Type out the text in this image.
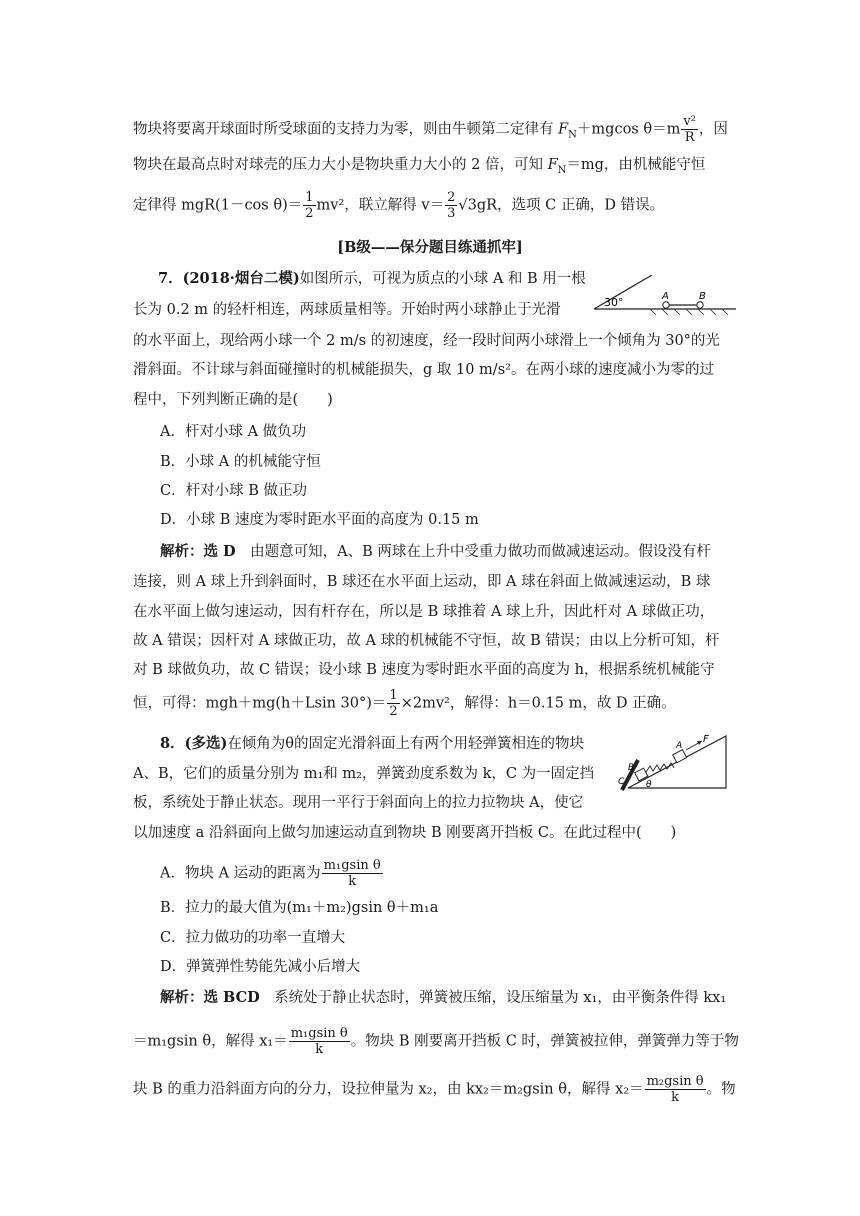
物块将要离开球面时所受球面的支持力为零，则由牛顿第二定律有 $F_N+mgcos$ $\theta=m \frac{\text{v²}}{R}$ ，因
物块在最高点时对球壳的压力大小是物块重力大小的 2 倍，可知 $F_N=mg$，由机械能守恒
定律得 mgR(1－cos $\theta)= \frac{1}{2} mv^2$，联立解得 $v= \frac{2}{3} √3gR$，选项 C 正确，D 错误。
[B级——保分题目练通抓牢]
7．(2018·烟台二模)如图所示，可视为质点的小球 A 和 B 用一根
长为 0.2 m 的轻杆相连，两球质量相等。开始时两小球静止于光滑
的水平面上，现给两小球一个 2 m/s 的初速度，经一段时间两小球滑上一个倾角为 30°的光
滑斜面。不计球与斜面碰撞时的机械能损失，g 取 10 m/s²。在两小球的速度减小为零的过
程中，下列判断正确的是(　　)
30°	A	B
A．杆对小球 A 做负功
B．小球 A 的机械能守恒
C．杆对小球 B 做正功
D．小球 B 速度为零时距水平面的高度为 0.15 m
解析：选 D　由题意可知，A、B 两球在上升中受重力做功而做减速运动。假设没有杆
连接，则 A 球上升到斜面时，B 球还在水平面上运动，即 A 球在斜面上做减速运动，B 球
在水平面上做匀速运动，因有杆存在，所以是 B 球推着 A 球上升，因此杆对 A 球做正功，
故 A 错误；因杆对 A 球做正功，故 A 球的机械能不守恒，故 B 错误；由以上分析可知，杆
对 B 球做负功，故 C 错误；设小球 B 速度为零时距水平面的高度为 h，根据系统机械能守
恒，可得：mgh＋mg(h＋Lsin $30^\circ)= \frac{1}{2} \times 2mv^2$，解得：h＝0.15 m，故 D 正确。
8．(多选)在倾角为θ的固定光滑斜面上有两个用轻弹簧相连的物块
A、B，它们的质量分别为 m₁和 m₂，弹簧劲度系数为 k，C 为一固定挡
板，系统处于静止状态。现用一平行于斜面向上的拉力拉物块 A，使它
以加速度 a 沿斜面向上做匀加速运动直到物块 B 刚要离开挡板 C。在此过程中(　　)
F
A
B
C θ
A．物块 A 运动的距离为 $\frac{\text{m₁gsin θ}}{k}$
B．拉力的最大值为(m₁＋m₂)gsin θ＋m₁a
C．拉力做功的功率一直增大
D．弹簧弹性势能先减小后增大
解析：选 BCD　系统处于静止状态时，弹簧被压缩，设压缩量为 x₁，由平衡条件得 kx₁
＝m₁gsin θ，解得 $x_1= \frac{\text{m₁gsin θ}}{k}$ 。物块 B 刚要离开挡板 C 时，弹簧被拉伸，弹簧弹力等于物
块 B 的重力沿斜面方向的分力，设拉伸量为 x₂，由 kx₂＝m₂gsin θ，解得 $x_2= \frac{\text{m₂gsin θ}}{k}$ 。物
